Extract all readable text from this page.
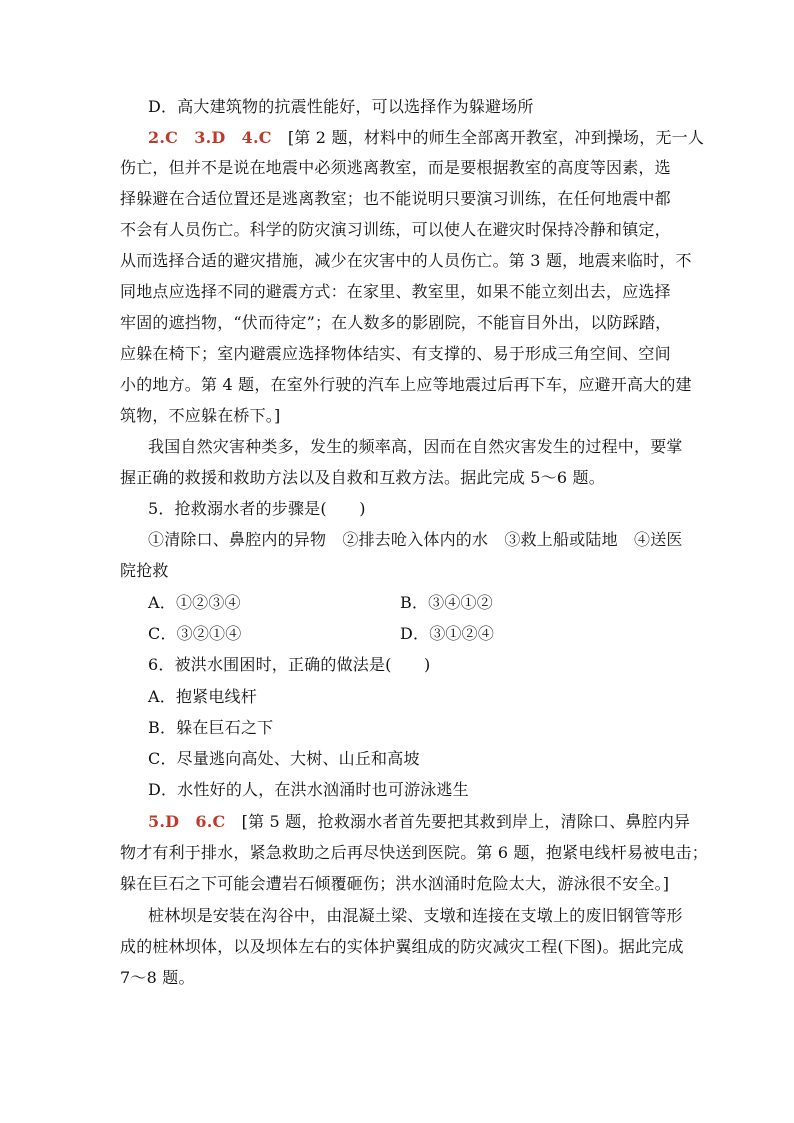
D．高大建筑物的抗震性能好，可以选择作为躲避场所
2.C　3.D　4.C　[第 2 题，材料中的师生全部离开教室，冲到操场，无一人
伤亡，但并不是说在地震中必须逃离教室，而是要根据教室的高度等因素，选
择躲避在合适位置还是逃离教室；也不能说明只要演习训练，在任何地震中都
不会有人员伤亡。科学的防灾演习训练，可以使人在避灾时保持冷静和镇定，
从而选择合适的避灾措施，减少在灾害中的人员伤亡。第 3 题，地震来临时，不
同地点应选择不同的避震方式：在家里、教室里，如果不能立刻出去，应选择
牢固的遮挡物，“伏而待定”；在人数多的影剧院，不能盲目外出，以防踩踏，
应躲在椅下；室内避震应选择物体结实、有支撑的、易于形成三角空间、空间
小的地方。第 4 题，在室外行驶的汽车上应等地震过后再下车，应避开高大的建
筑物，不应躲在桥下。]
我国自然灾害种类多，发生的频率高，因而在自然灾害发生的过程中，要掌
握正确的救援和救助方法以及自救和互救方法。据此完成 5～6 题。
5．抢救溺水者的步骤是(　　)
①清除口、鼻腔内的异物　②排去呛入体内的水　③救上船或陆地　④送医
院抢救
A．①②③④	B．③④①②
C．③②①④	D．③①②④
6．被洪水围困时，正确的做法是(　　)
A．抱紧电线杆
B．躲在巨石之下
C．尽量逃向高处、大树、山丘和高坡
D．水性好的人，在洪水汹涌时也可游泳逃生
5.D　6.C　[第 5 题，抢救溺水者首先要把其救到岸上，清除口、鼻腔内异
物才有利于排水，紧急救助之后再尽快送到医院。第 6 题，抱紧电线杆易被电击；
躲在巨石之下可能会遭岩石倾覆砸伤；洪水汹涌时危险太大，游泳很不安全。]
桩林坝是安装在沟谷中，由混凝土梁、支墩和连接在支墩上的废旧钢管等形
成的桩林坝体，以及坝体左右的实体护翼组成的防灾减灾工程(下图)。据此完成
7～8 题。
